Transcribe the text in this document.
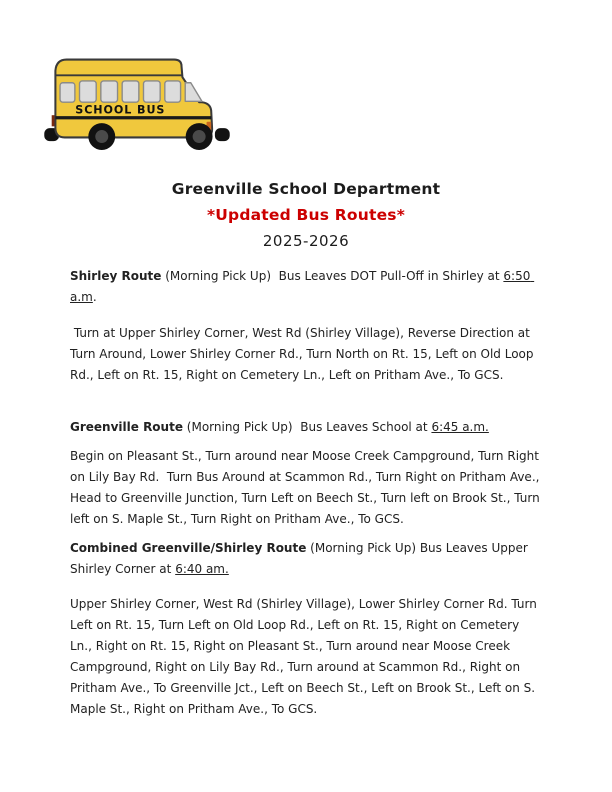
SCHOOL BUS

Greenville School Department

*Updated Bus Routes*

2025-2026

Shirley Route (Morning Pick Up)  Bus Leaves DOT Pull-Off in Shirley at 6:50 a.m.

Turn at Upper Shirley Corner, West Rd (Shirley Village), Reverse Direction at Turn Around, Lower Shirley Corner Rd., Turn North on Rt. 15, Left on Old Loop Rd., Left on Rt. 15, Right on Cemetery Ln., Left on Pritham Ave., To GCS.

Greenville Route (Morning Pick Up)  Bus Leaves School at 6:45 a.m.

Begin on Pleasant St., Turn around near Moose Creek Campground, Turn Right on Lily Bay Rd.  Turn Bus Around at Scammon Rd., Turn Right on Pritham Ave., Head to Greenville Junction, Turn Left on Beech St., Turn left on Brook St., Turn left on S. Maple St., Turn Right on Pritham Ave., To GCS.

Combined Greenville/Shirley Route (Morning Pick Up) Bus Leaves Upper Shirley Corner at 6:40 am.

Upper Shirley Corner, West Rd (Shirley Village), Lower Shirley Corner Rd. Turn Left on Rt. 15, Turn Left on Old Loop Rd., Left on Rt. 15, Right on Cemetery Ln., Right on Rt. 15, Right on Pleasant St., Turn around near Moose Creek Campground, Right on Lily Bay Rd., Turn around at Scammon Rd., Right on Pritham Ave., To Greenville Jct., Left on Beech St., Left on Brook St., Left on S. Maple St., Right on Pritham Ave., To GCS.
